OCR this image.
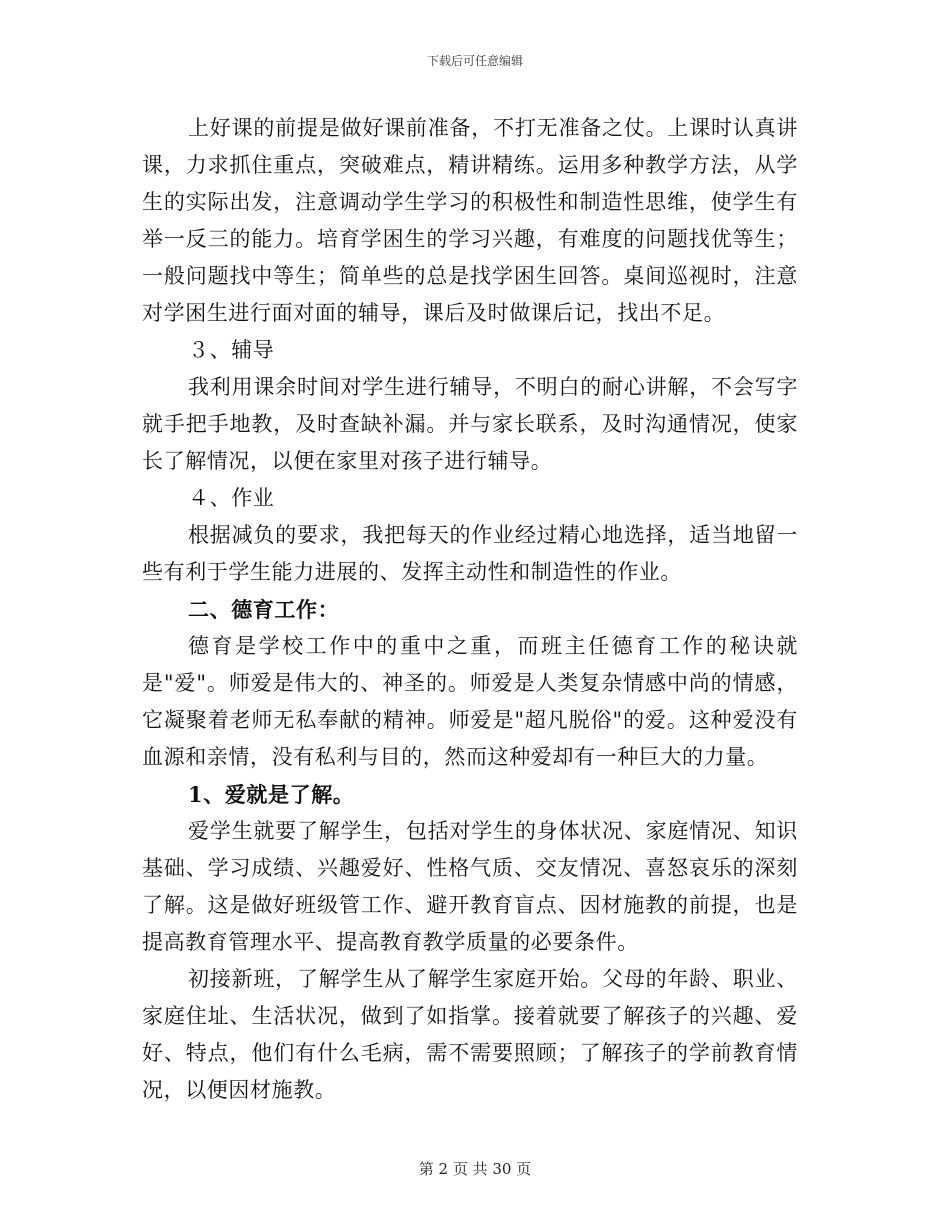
下载后可任意编辑

上好课的前提是做好课前准备，不打无准备之仗。上课时认真讲课，力求抓住重点，突破难点，精讲精练。运用多种教学方法，从学生的实际出发，注意调动学生学习的积极性和制造性思维，使学生有举一反三的能力。培育学困生的学习兴趣，有难度的问题找优等生；一般问题找中等生；简单些的总是找学困生回答。桌间巡视时，注意对学困生进行面对面的辅导，课后及时做课后记，找出不足。

３、辅导

我利用课余时间对学生进行辅导，不明白的耐心讲解，不会写字就手把手地教，及时查缺补漏。并与家长联系，及时沟通情况，使家长了解情况，以便在家里对孩子进行辅导。

４、作业

根据减负的要求，我把每天的作业经过精心地选择，适当地留一些有利于学生能力进展的、发挥主动性和制造性的作业。

二、德育工作：

德育是学校工作中的重中之重，而班主任德育工作的秘诀就是"爱"。师爱是伟大的、神圣的。师爱是人类复杂情感中尚的情感，它凝聚着老师无私奉献的精神。师爱是"超凡脱俗"的爱。这种爱没有血源和亲情，没有私利与目的，然而这种爱却有一种巨大的力量。

1、爱就是了解。

爱学生就要了解学生，包括对学生的身体状况、家庭情况、知识基础、学习成绩、兴趣爱好、性格气质、交友情况、喜怒哀乐的深刻了解。这是做好班级管工作、避开教育盲点、因材施教的前提，也是提高教育管理水平、提高教育教学质量的必要条件。

初接新班，了解学生从了解学生家庭开始。父母的年龄、职业、家庭住址、生活状况，做到了如指掌。接着就要了解孩子的兴趣、爱好、特点，他们有什么毛病，需不需要照顾；了解孩子的学前教育情况，以便因材施教。

第 2 页 共 30 页
